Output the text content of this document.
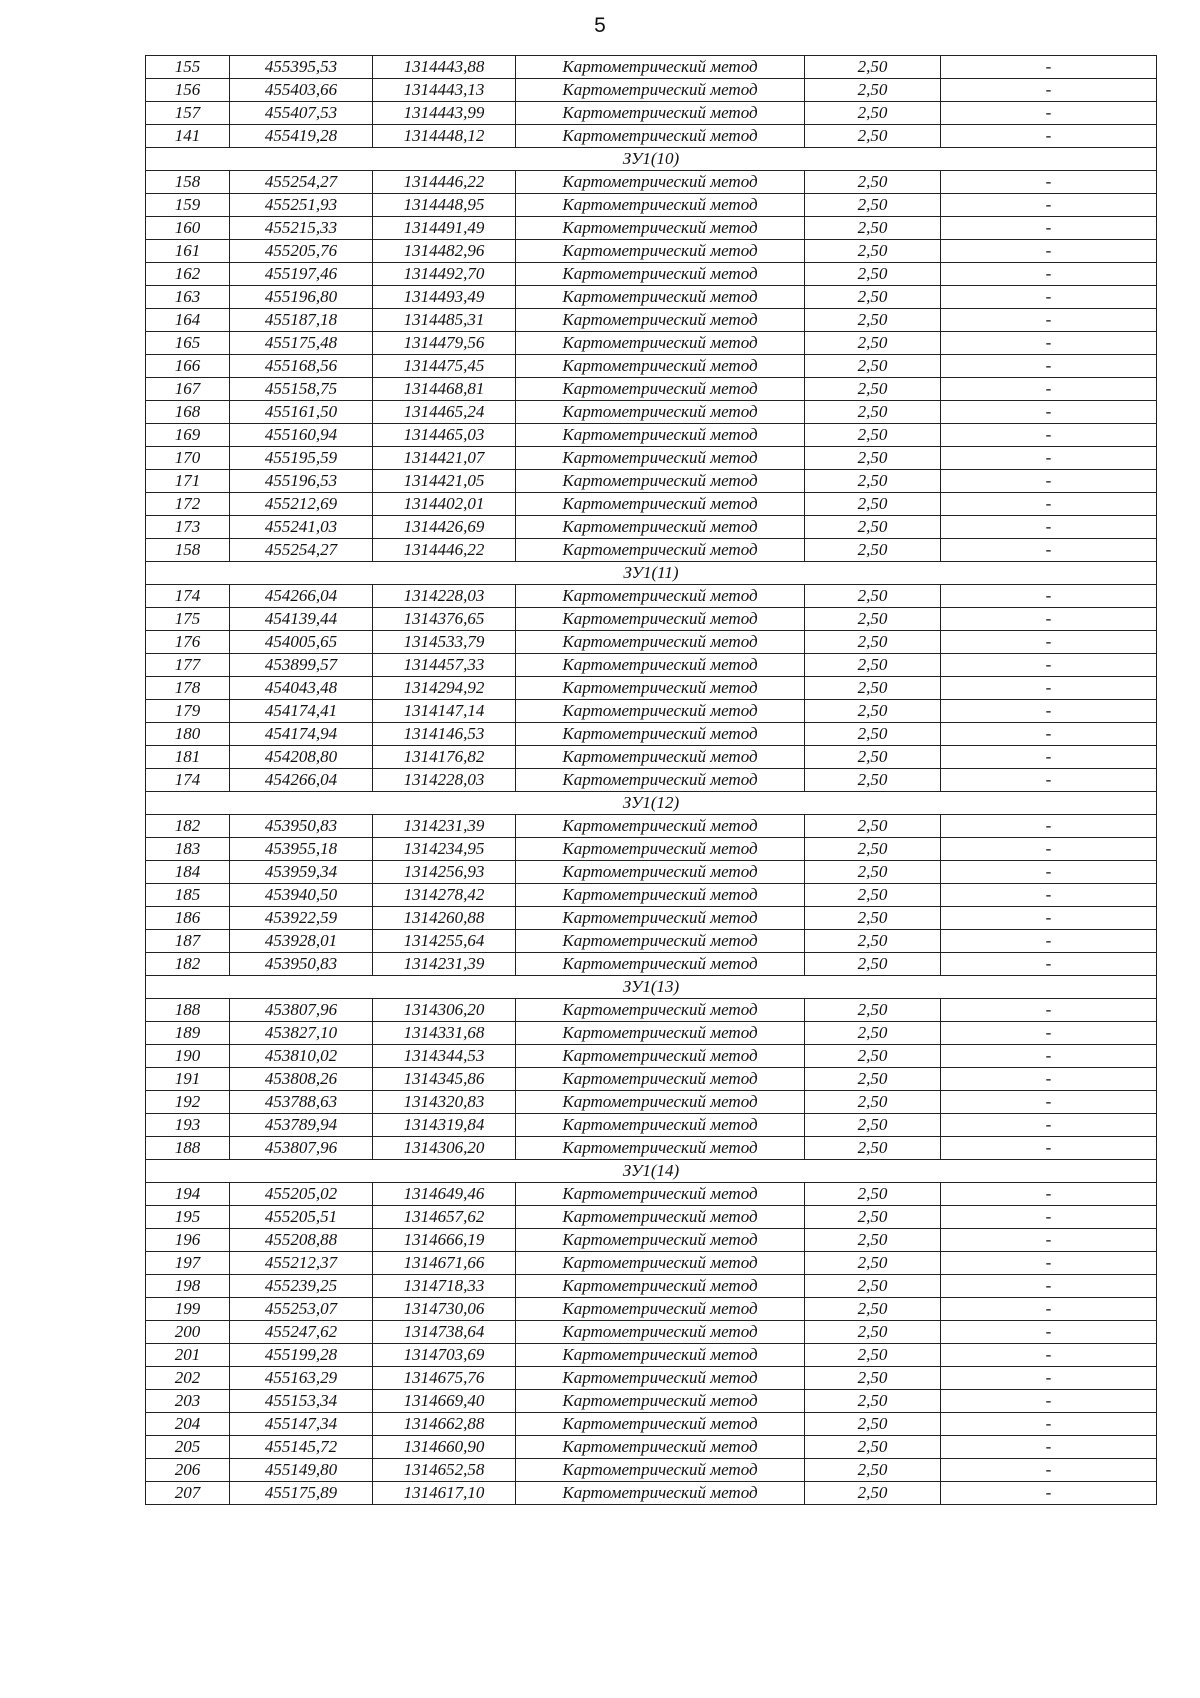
5
155	455395,53	1314443,88	Картометрический метод	2,50	-
156	455403,66	1314443,13	Картометрический метод	2,50	-
157	455407,53	1314443,99	Картометрический метод	2,50	-
141	455419,28	1314448,12	Картометрический метод	2,50	-
ЗУ1(10)					
158	455254,27	1314446,22	Картометрический метод	2,50	-
159	455251,93	1314448,95	Картометрический метод	2,50	-
160	455215,33	1314491,49	Картометрический метод	2,50	-
161	455205,76	1314482,96	Картометрический метод	2,50	-
162	455197,46	1314492,70	Картометрический метод	2,50	-
163	455196,80	1314493,49	Картометрический метод	2,50	-
164	455187,18	1314485,31	Картометрический метод	2,50	-
165	455175,48	1314479,56	Картометрический метод	2,50	-
166	455168,56	1314475,45	Картометрический метод	2,50	-
167	455158,75	1314468,81	Картометрический метод	2,50	-
168	455161,50	1314465,24	Картометрический метод	2,50	-
169	455160,94	1314465,03	Картометрический метод	2,50	-
170	455195,59	1314421,07	Картометрический метод	2,50	-
171	455196,53	1314421,05	Картометрический метод	2,50	-
172	455212,69	1314402,01	Картометрический метод	2,50	-
173	455241,03	1314426,69	Картометрический метод	2,50	-
158	455254,27	1314446,22	Картометрический метод	2,50	-
ЗУ1(11)					
174	454266,04	1314228,03	Картометрический метод	2,50	-
175	454139,44	1314376,65	Картометрический метод	2,50	-
176	454005,65	1314533,79	Картометрический метод	2,50	-
177	453899,57	1314457,33	Картометрический метод	2,50	-
178	454043,48	1314294,92	Картометрический метод	2,50	-
179	454174,41	1314147,14	Картометрический метод	2,50	-
180	454174,94	1314146,53	Картометрический метод	2,50	-
181	454208,80	1314176,82	Картометрический метод	2,50	-
174	454266,04	1314228,03	Картометрический метод	2,50	-
ЗУ1(12)					
182	453950,83	1314231,39	Картометрический метод	2,50	-
183	453955,18	1314234,95	Картометрический метод	2,50	-
184	453959,34	1314256,93	Картометрический метод	2,50	-
185	453940,50	1314278,42	Картометрический метод	2,50	-
186	453922,59	1314260,88	Картометрический метод	2,50	-
187	453928,01	1314255,64	Картометрический метод	2,50	-
182	453950,83	1314231,39	Картометрический метод	2,50	-
ЗУ1(13)					
188	453807,96	1314306,20	Картометрический метод	2,50	-
189	453827,10	1314331,68	Картометрический метод	2,50	-
190	453810,02	1314344,53	Картометрический метод	2,50	-
191	453808,26	1314345,86	Картометрический метод	2,50	-
192	453788,63	1314320,83	Картометрический метод	2,50	-
193	453789,94	1314319,84	Картометрический метод	2,50	-
188	453807,96	1314306,20	Картометрический метод	2,50	-
ЗУ1(14)					
194	455205,02	1314649,46	Картометрический метод	2,50	-
195	455205,51	1314657,62	Картометрический метод	2,50	-
196	455208,88	1314666,19	Картометрический метод	2,50	-
197	455212,37	1314671,66	Картометрический метод	2,50	-
198	455239,25	1314718,33	Картометрический метод	2,50	-
199	455253,07	1314730,06	Картометрический метод	2,50	-
200	455247,62	1314738,64	Картометрический метод	2,50	-
201	455199,28	1314703,69	Картометрический метод	2,50	-
202	455163,29	1314675,76	Картометрический метод	2,50	-
203	455153,34	1314669,40	Картометрический метод	2,50	-
204	455147,34	1314662,88	Картометрический метод	2,50	-
205	455145,72	1314660,90	Картометрический метод	2,50	-
206	455149,80	1314652,58	Картометрический метод	2,50	-
207	455175,89	1314617,10	Картометрический метод	2,50	-
